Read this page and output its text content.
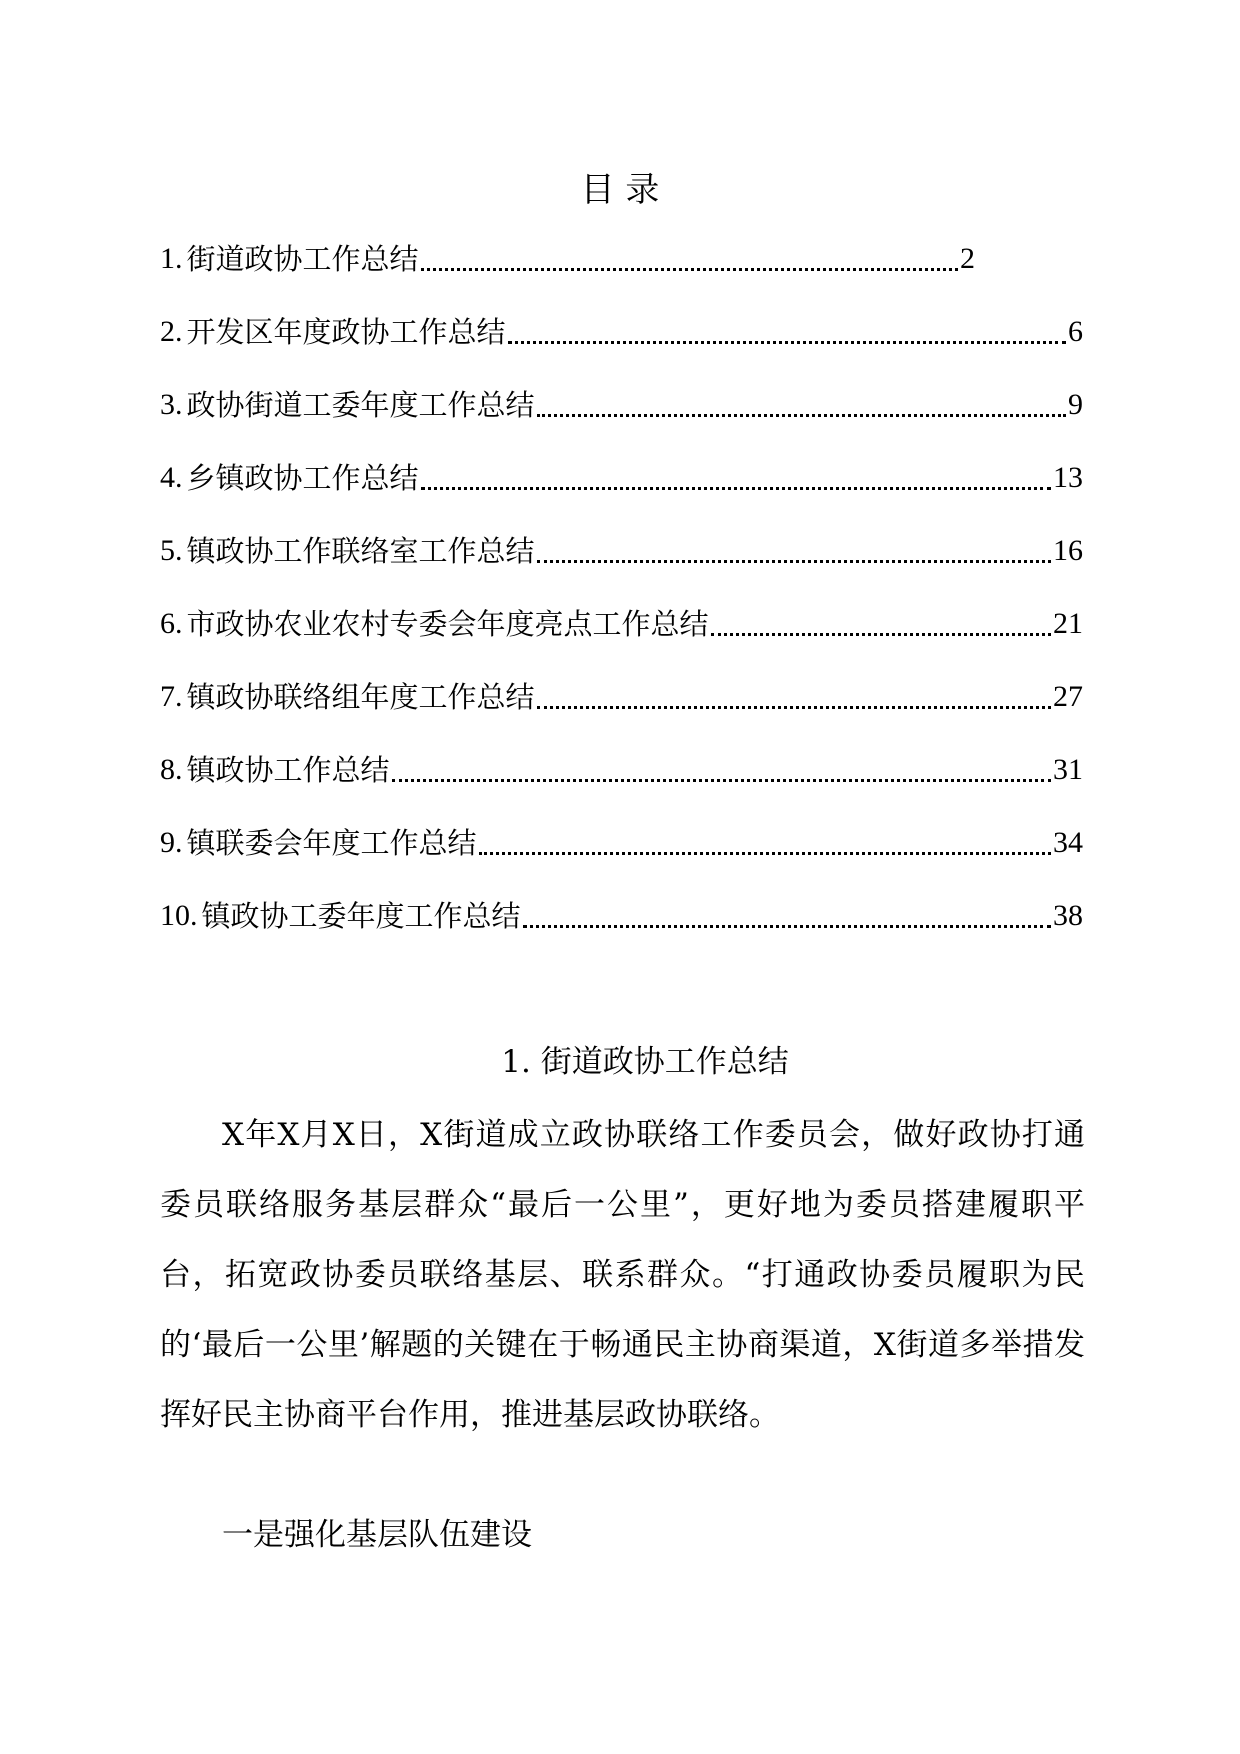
目 录
1. 街道政协工作总结	2
2. 开发区年度政协工作总结	6
3. 政协街道工委年度工作总结	9
4. 乡镇政协工作总结	13
5. 镇政协工作联络室工作总结	16
6. 市政协农业农村专委会年度亮点工作总结	21
7. 镇政协联络组年度工作总结	27
8. 镇政协工作总结	31
9. 镇联委会年度工作总结	34
10. 镇政协工委年度工作总结	38
1. 街道政协工作总结

X年X月X日，X街道成立政协联络工作委员会，做好政协打通委员联络服务基层群众“最后一公里”，更好地为委员搭建履职平台，拓宽政协委员联络基层、联系群众。“打通政协委员履职为民的‘最后一公里’解题的关键在于畅通民主协商渠道，X街道多举措发挥好民主协商平台作用，推进基层政协联络。

一是强化基层队伍建设
